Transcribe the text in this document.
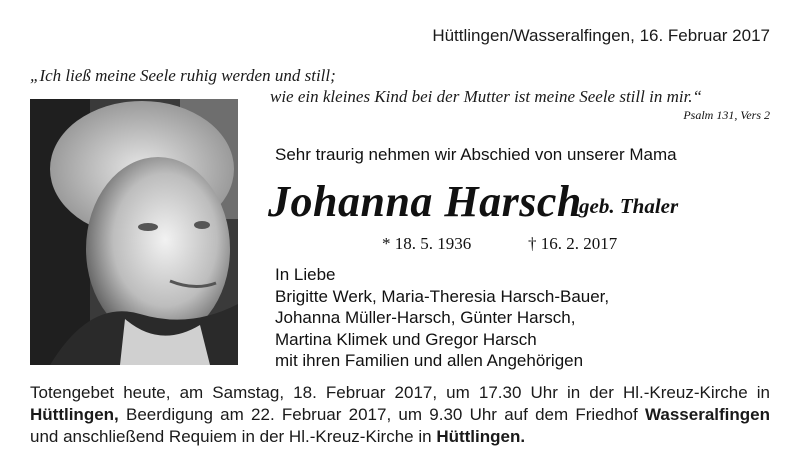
Hüttlingen/Wasseralfingen, 16. Februar 2017
„Ich ließ meine Seele ruhig werden und still;
wie ein kleines Kind bei der Mutter ist meine Seele still in mir.“
Psalm 131, Vers 2
Sehr traurig nehmen wir Abschied von unserer Mama
Johanna Harsch
geb. Thaler
* 18. 5. 1936	† 16. 2. 2017
In Liebe
Brigitte Werk, Maria-Theresia Harsch-Bauer,
Johanna Müller-Harsch, Günter Harsch,
Martina Klimek und Gregor Harsch
mit ihren Familien und allen Angehörigen
Totengebet heute, am Samstag, 18. Februar 2017, um 17.30 Uhr in der Hl.-Kreuz-Kirche in Hüttlingen, Beerdigung am 22. Februar 2017, um 9.30 Uhr auf dem Friedhof Wasseralfingen und anschließend Requiem in der Hl.-Kreuz-Kirche in Hüttlingen.
